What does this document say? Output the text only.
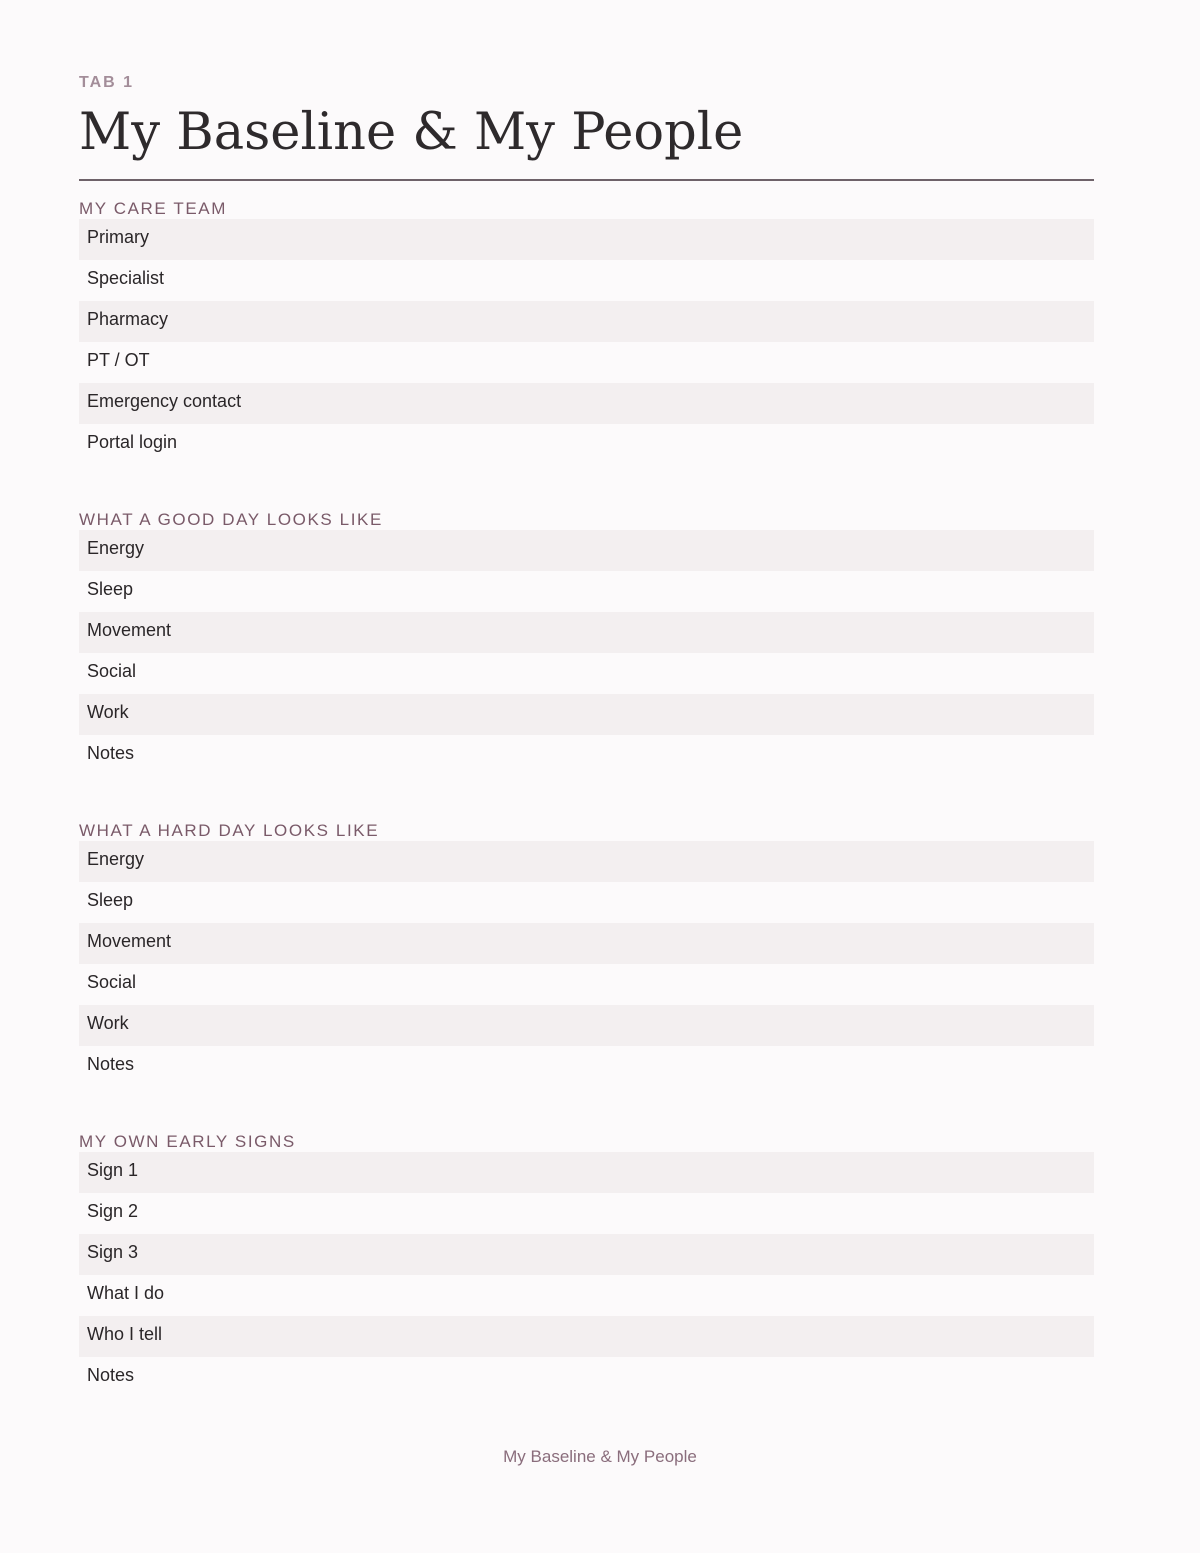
TAB 1
My Baseline & My People
MY CARE TEAM
Primary
Specialist
Pharmacy
PT / OT
Emergency contact
Portal login
WHAT A GOOD DAY LOOKS LIKE
Energy
Sleep
Movement
Social
Work
Notes
WHAT A HARD DAY LOOKS LIKE
Energy
Sleep
Movement
Social
Work
Notes
MY OWN EARLY SIGNS
Sign 1
Sign 2
Sign 3
What I do
Who I tell
Notes
My Baseline & My People
